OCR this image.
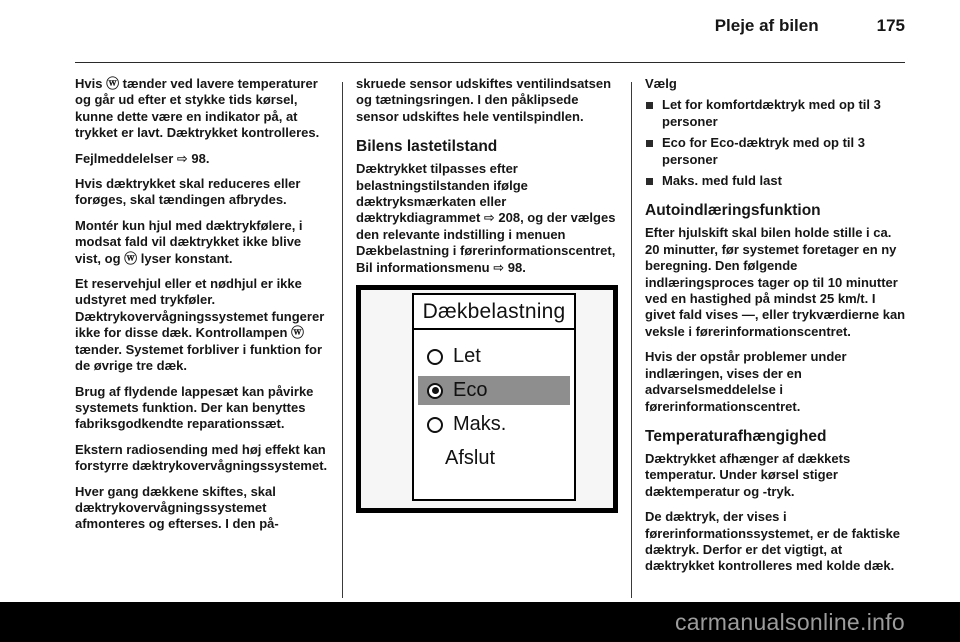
Pleje af bilen	175

Hvis ⓦ tænder ved lavere temperaturer og går ud efter et stykke tids kørsel, kunne dette være en indikator på, at trykket er lavt. Dæktrykket kontrolleres.

Fejlmeddelelser ⇨ 98.

Hvis dæktrykket skal reduceres eller forøges, skal tændingen afbrydes.

Montér kun hjul med dæktrykfølere, i modsat fald vil dæktrykket ikke blive vist, og ⓦ lyser konstant.

Et reservehjul eller et nødhjul er ikke udstyret med trykføler. Dæktrykovervågningssystemet fungerer ikke for disse dæk. Kontrollampen ⓦ tænder. Systemet forbliver i funktion for de øvrige tre dæk.

Brug af flydende lappesæt kan påvirke systemets funktion. Der kan benyttes fabriksgodkendte reparationssæt.

Ekstern radiosending med høj effekt kan forstyrre dæktrykovervågningssystemet.

Hver gang dækkene skiftes, skal dæktrykovervågningssystemet afmonteres og efterses. I den på-

skruede sensor udskiftes ventilindsatsen og tætningsringen. I den påklipsede sensor udskiftes hele ventilspindlen.

Bilens lastetilstand

Dæktrykket tilpasses efter belastningstilstanden ifølge dæktryksmærkaten eller dæktrykdiagrammet ⇨ 208, og der vælges den relevante indstilling i menuen Dækbelastning i førerinformationscentret, Bil informationsmenu ⇨ 98.

Dækbelastning
Let
Eco
Maks.
Afslut

Vælg

Let for komfortdæktryk med op til 3 personer
Eco for Eco-dæktryk med op til 3 personer
Maks. med fuld last
Autoindlæringsfunktion

Efter hjulskift skal bilen holde stille i ca. 20 minutter, før systemet foretager en ny beregning. Den følgende indlæringsproces tager op til 10 minutter ved en hastighed på mindst 25 km/t. I givet fald vises —, eller trykværdierne kan veksle i førerinformationscentret.

Hvis der opstår problemer under indlæringen, vises der en advarselsmeddelelse i førerinformationscentret.

Temperaturafhængighed

Dæktrykket afhænger af dækkets temperatur. Under kørsel stiger dæktemperatur og -tryk.

De dæktryk, der vises i førerinformationssystemet, er de faktiske dæktryk. Derfor er det vigtigt, at dæktrykket kontrolleres med kolde dæk.

carmanualsonline.info
